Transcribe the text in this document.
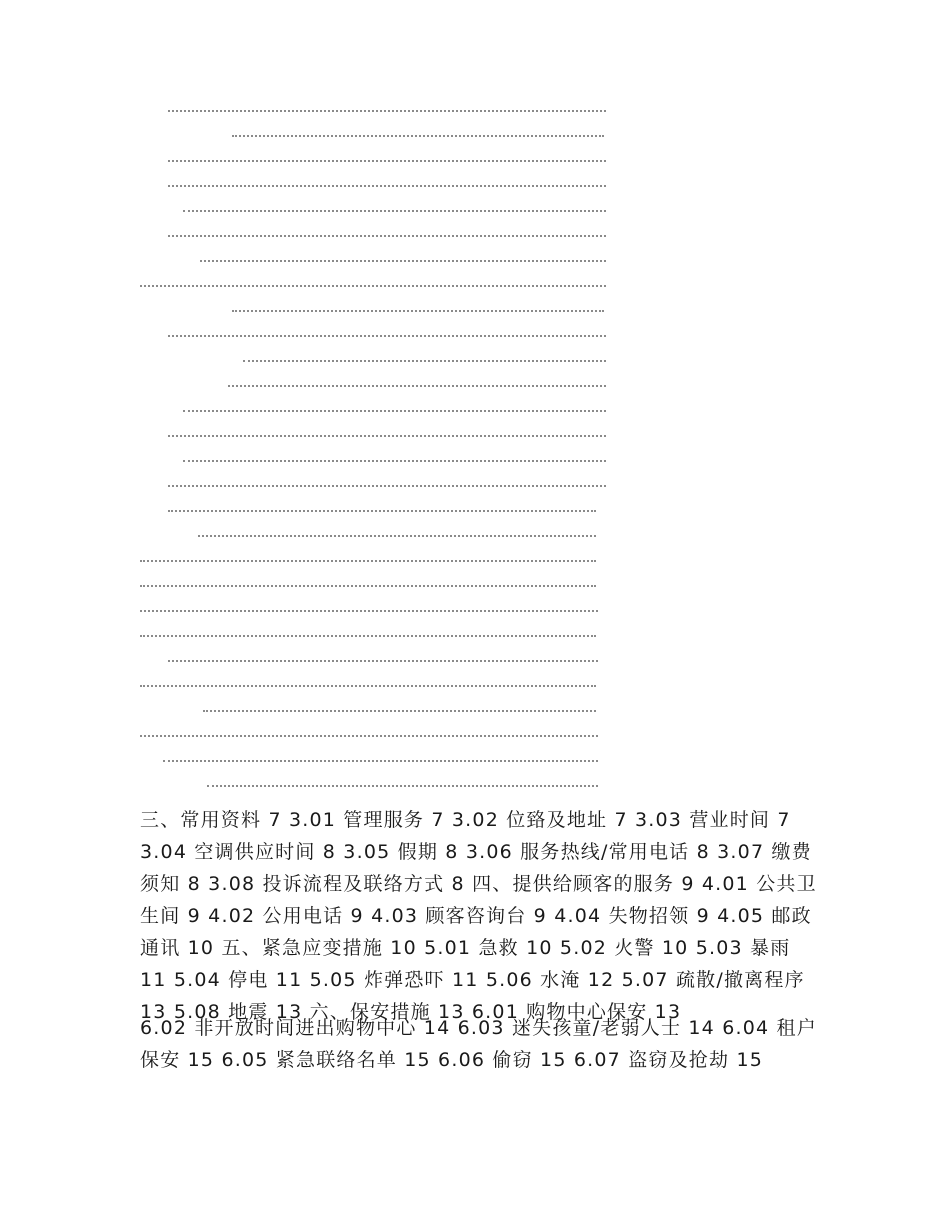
三、常用资料 7 3.01 管理服务 7 3.02 位臵及地址 7 3.03 营业时间 7 3.04 空调供应时间 8 3.05 假期 8 3.06 服务热线/常用电话 8 3.07 缴费须知 8 3.08 投诉流程及联络方式 8 四、提供给顾客的服务 9 4.01 公共卫生间 9 4.02 公用电话 9 4.03 顾客咨询台 9 4.04 失物招领 9 4.05 邮政通讯 10 五、紧急应变措施 10 5.01 急救 10 5.02 火警 10 5.03 暴雨 11 5.04 停电 11 5.05 炸弹恐吓 11 5.06 水淹 12 5.07 疏散/撤离程序 13 5.08 地震 13 六、保安措施 13 6.01 购物中心保安 13

6.02 非开放时间进出购物中心 14 6.03 迷失孩童/老弱人士 14 6.04 租户保安 15 6.05 紧急联络名单 15 6.06 偷窃 15 6.07 盗窃及抢劫 15
